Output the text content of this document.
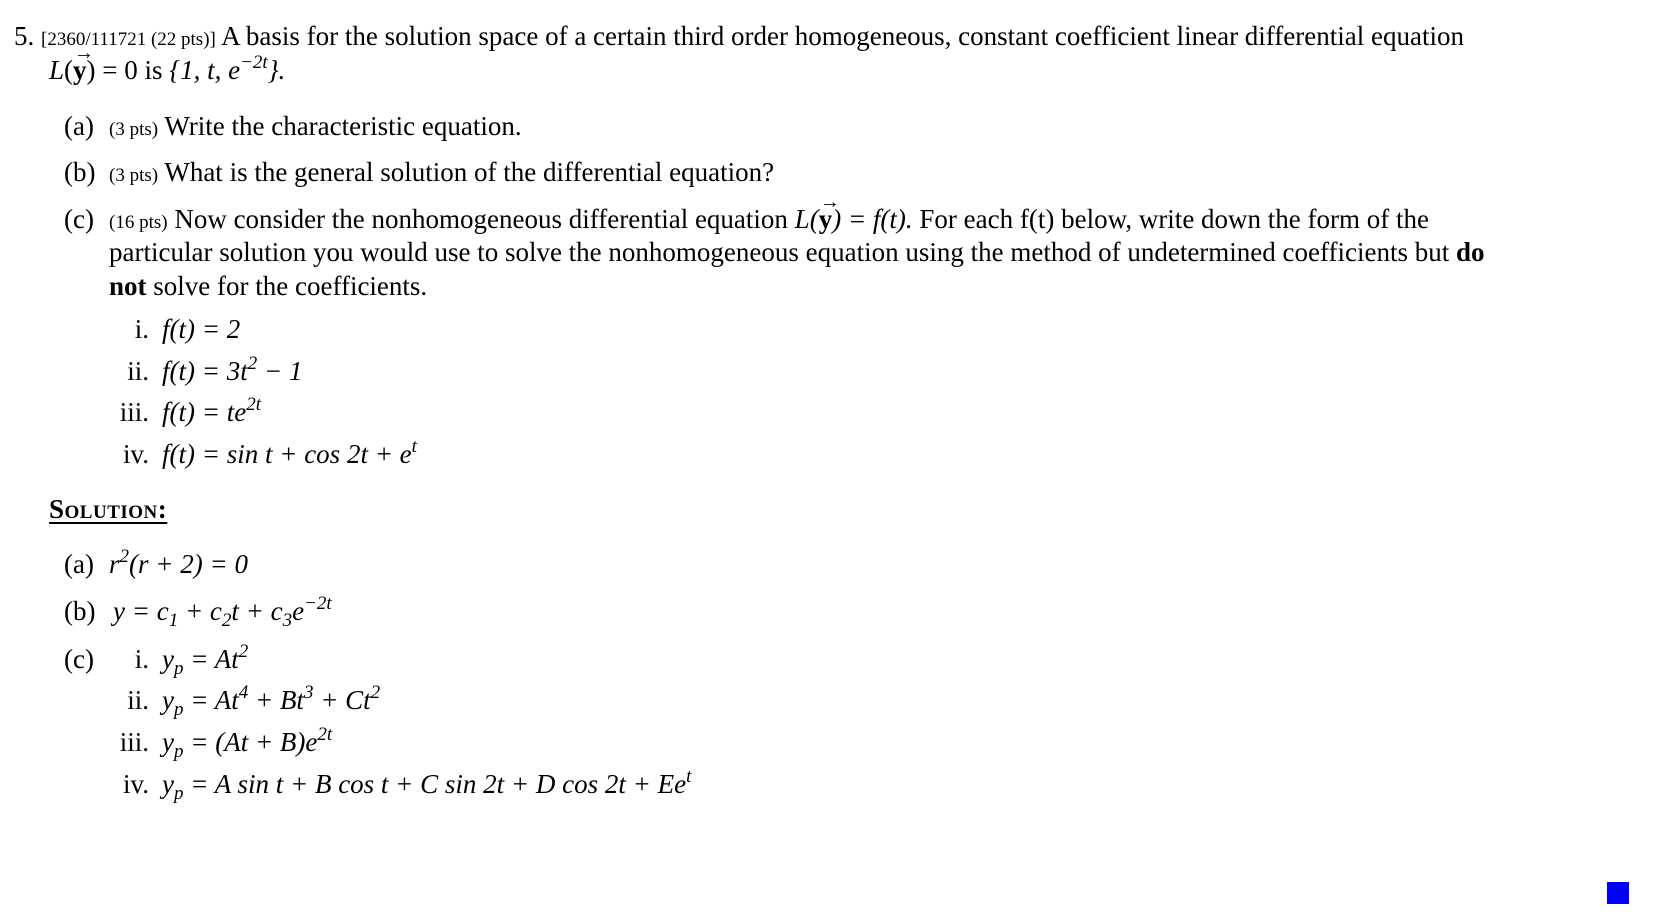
5. [2360/111721 (22 pts)] A basis for the solution space of a certain third order homogeneous, constant coefficient linear differential equation
L(→ y) = 0 is {1, t, $e^{-2t}$}.
(a) (3 pts) Write the characteristic equation.
(b) (3 pts) What is the general solution of the differential equation?
(c) (16 pts) Now consider the nonhomogeneous differential equation L(→ y) = f(t). For each f(t) below, write down the form of the
particular solution you would use to solve the nonhomogeneous equation using the method of undetermined coefficients but do
not solve for the coefficients.
i. f(t) = 2
ii. $f(t) = 3t^2 - 1$
iii. $f(t) = te^{2t}$
iv. $f(t) = \sin t + \cos 2t + e^t$
Solution:
(a) $r^2(r + 2) = 0$
(b) $y = c_1 + c_2t + c_3e^{-2t}$
(c) i. $y_p = At^2$
ii. $y_p = At^4 + Bt^3 + Ct^2$
iii. $y_p = (At + B)e^{2t}$
iv. $y_p = A$ sin t + B cos t + C sin 2t + D $\cos 2t + Ee^t$
